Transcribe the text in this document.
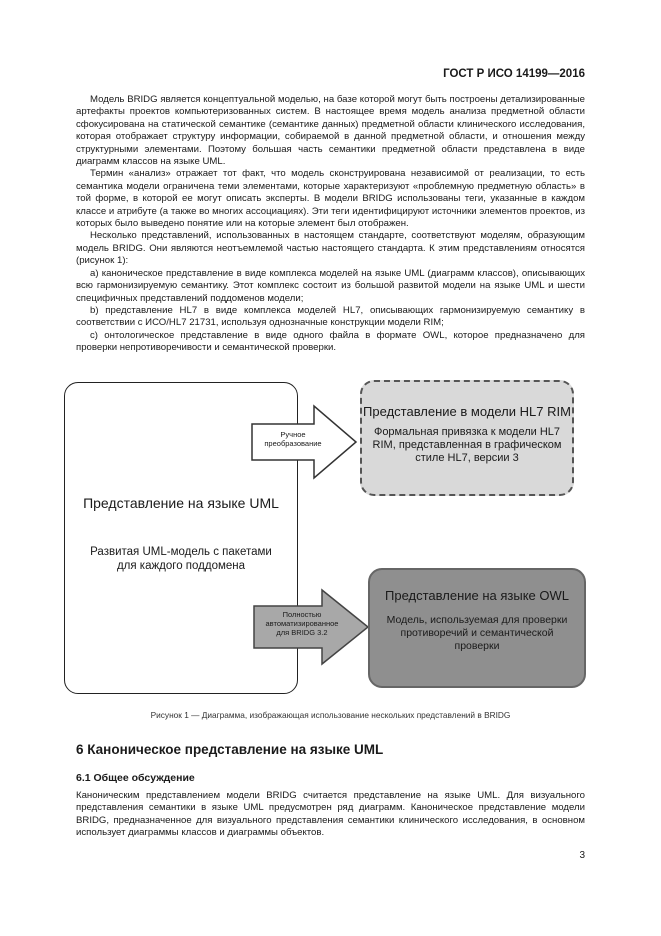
ГОСТ Р ИСО 14199—2016

Модель BRIDG является концептуальной моделью, на базе которой могут быть построены детализированные артефакты проектов компьютеризованных систем. В настоящее время модель анализа предметной области сфокусирована на статической семантике (семантике данных) предметной области клинического исследования, которая отображает структуру информации, собираемой в данной предметной области, и отношения между структурными элементами. Поэтому большая часть семантики предметной области представлена в виде диаграмм классов на языке UML.

Термин «анализ» отражает тот факт, что модель сконструирована независимой от реализации, то есть семантика модели ограничена теми элементами, которые характеризуют «проблемную предметную область» в той форме, в которой ее могут описать эксперты. В модели BRIDG использованы теги, указанные в каждом классе и атрибуте (а также во многих ассоциациях). Эти теги идентифицируют источники элементов проектов, из которых было выведено понятие или на которые элемент был отображен.

Несколько представлений, использованных в настоящем стандарте, соответствуют моделям, образующим модель BRIDG. Они являются неотъемлемой частью настоящего стандарта. К этим представлениям относятся (рисунок 1):

а) каноническое представление в виде комплекса моделей на языке UML (диаграмм классов), описывающих всю гармонизируемую семантику. Этот комплекс состоит из большой развитой модели на языке UML и шести специфичных представлений поддоменов модели;

b) представление HL7 в виде комплекса моделей HL7, описывающих гармонизируемую семантику в соответствии с ИСО/HL7 21731, используя однозначные конструкции модели RIM;

с) онтологическое представление в виде одного файла в формате OWL, которое предназначено для проверки непротиворечивости и семантической проверки.

Представление на языке UML
Развитая UML-модель с пакетами для каждого поддомена
Ручное преобразование
Представление в модели HL7 RIM
Формальная привязка к модели HL7 RIM, представленная в графическом стиле HL7, версии 3
Полностью автоматизированное для BRIDG 3.2
Представление на языке OWL
Модель, используемая для проверки противоречий и семантической проверки
Рисунок 1 — Диаграмма, изображающая использование нескольких представлений в BRIDG
6 Каноническое представление на языке UML
6.1 Общее обсуждение

Каноническим представлением модели BRIDG считается представление на языке UML. Для визуального представления семантики в языке UML предусмотрен ряд диаграмм. Каноническое представление модели BRIDG, предназначенное для визуального представления семантики клинического исследования, в основном использует диаграммы классов и диаграммы объектов.

3
